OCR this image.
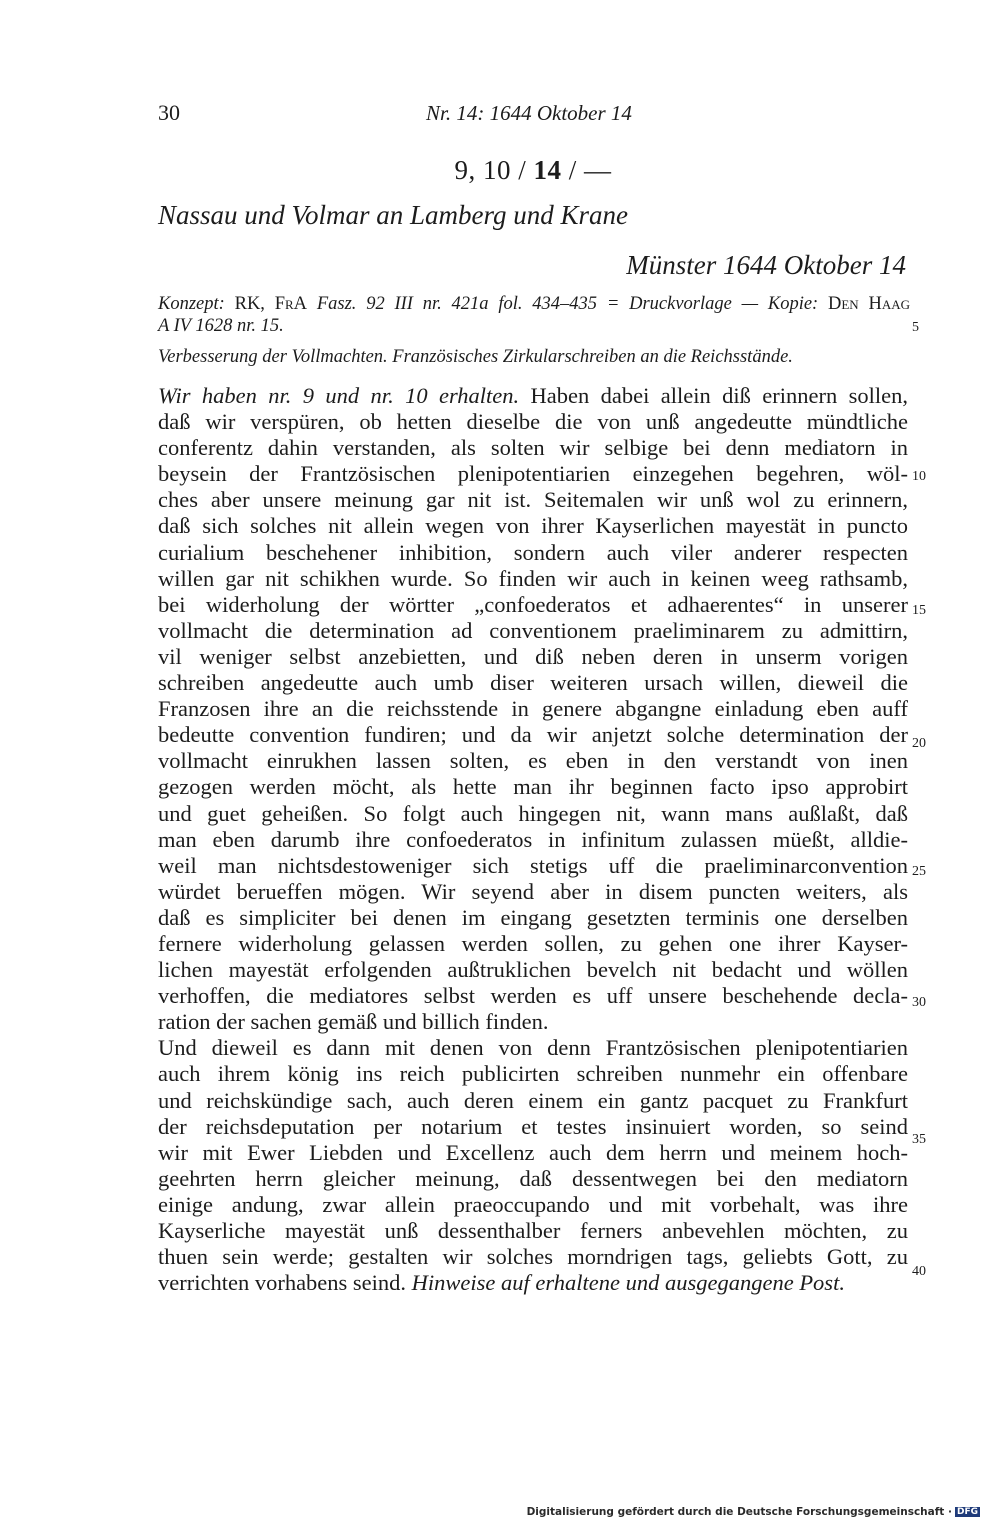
30	Nr. 14: 1644 Oktober 14
9, 10 / 14 / —
Nassau und Volmar an Lamberg und Krane
Münster 1644 Oktober 14
Konzept: RK, FrA Fasz. 92 III nr. 421a fol. 434–435 = Druckvorlage — Kopie: Den Haag
A IV 1628 nr. 15.
Verbesserung der Vollmachten. Französisches Zirkularschreiben an die Reichsstände.
Wir haben nr. 9 und nr. 10 erhalten. Haben dabei allein diß erinnern sollen,
daß wir verspüren, ob hetten dieselbe die von unß angedeutte mündtliche
conferentz dahin verstanden, als solten wir selbige bei denn mediatorn in
beysein der Frantzösischen plenipotentiarien einzegehen begehren, wöl-
ches aber unsere meinung gar nit ist. Seitemalen wir unß wol zu erinnern,
daß sich solches nit allein wegen von ihrer Kayserlichen mayestät in puncto
curialium beschehener inhibition, sondern auch viler anderer respecten
willen gar nit schikhen wurde. So finden wir auch in keinen weeg rathsamb,
bei widerholung der wörtter „confoederatos et adhaerentes“ in unserer
vollmacht die determination ad conventionem praeliminarem zu admittirn,
vil weniger selbst anzebietten, und diß neben deren in unserm vorigen
schreiben angedeutte auch umb diser weiteren ursach willen, dieweil die
Franzosen ihre an die reichsstende in genere abgangne einladung eben auff
bedeutte convention fundiren; und da wir anjetzt solche determination der
vollmacht einrukhen lassen solten, es eben in den verstandt von inen
gezogen werden möcht, als hette man ihr beginnen facto ipso approbirt
und guet geheißen. So folgt auch hingegen nit, wann mans außlaßt, daß
man eben darumb ihre confoederatos in infinitum zulassen müeßt, alldie-
weil man nichtsdestoweniger sich stetigs uff die praeliminarconvention
würdet berueffen mögen. Wir seyend aber in disem puncten weiters, als
daß es simpliciter bei denen im eingang gesetzten terminis one derselben
fernere widerholung gelassen werden sollen, zu gehen one ihrer Kayser-
lichen mayestät erfolgenden außtruklichen bevelch nit bedacht und wöllen
verhoffen, die mediatores selbst werden es uff unsere beschehende decla-
ration der sachen gemäß und billich finden.
Und dieweil es dann mit denen von denn Frantzösischen plenipotentiarien
auch ihrem könig ins reich publicirten schreiben nunmehr ein offenbare
und reichskündige sach, auch deren einem ein gantz pacquet zu Frankfurt
der reichsdeputation per notarium et testes insinuiert worden, so seind
wir mit Ewer Liebden und Excellenz auch dem herrn und meinem hoch-
geehrten herrn gleicher meinung, daß dessentwegen bei den mediatorn
einige andung, zwar allein praeoccupando und mit vorbehalt, was ihre
Kayserliche mayestät unß dessenthalber ferners anbevehlen möchten, zu
thuen sein werde; gestalten wir solches morndrigen tags, geliebts Gott, zu
verrichten vorhabens seind. Hinweise auf erhaltene und ausgegangene Post.
5
10
15
20
25
30
35
40
Digitalisierung gefördert durch die Deutsche Forschungsgemeinschaft · DFG
